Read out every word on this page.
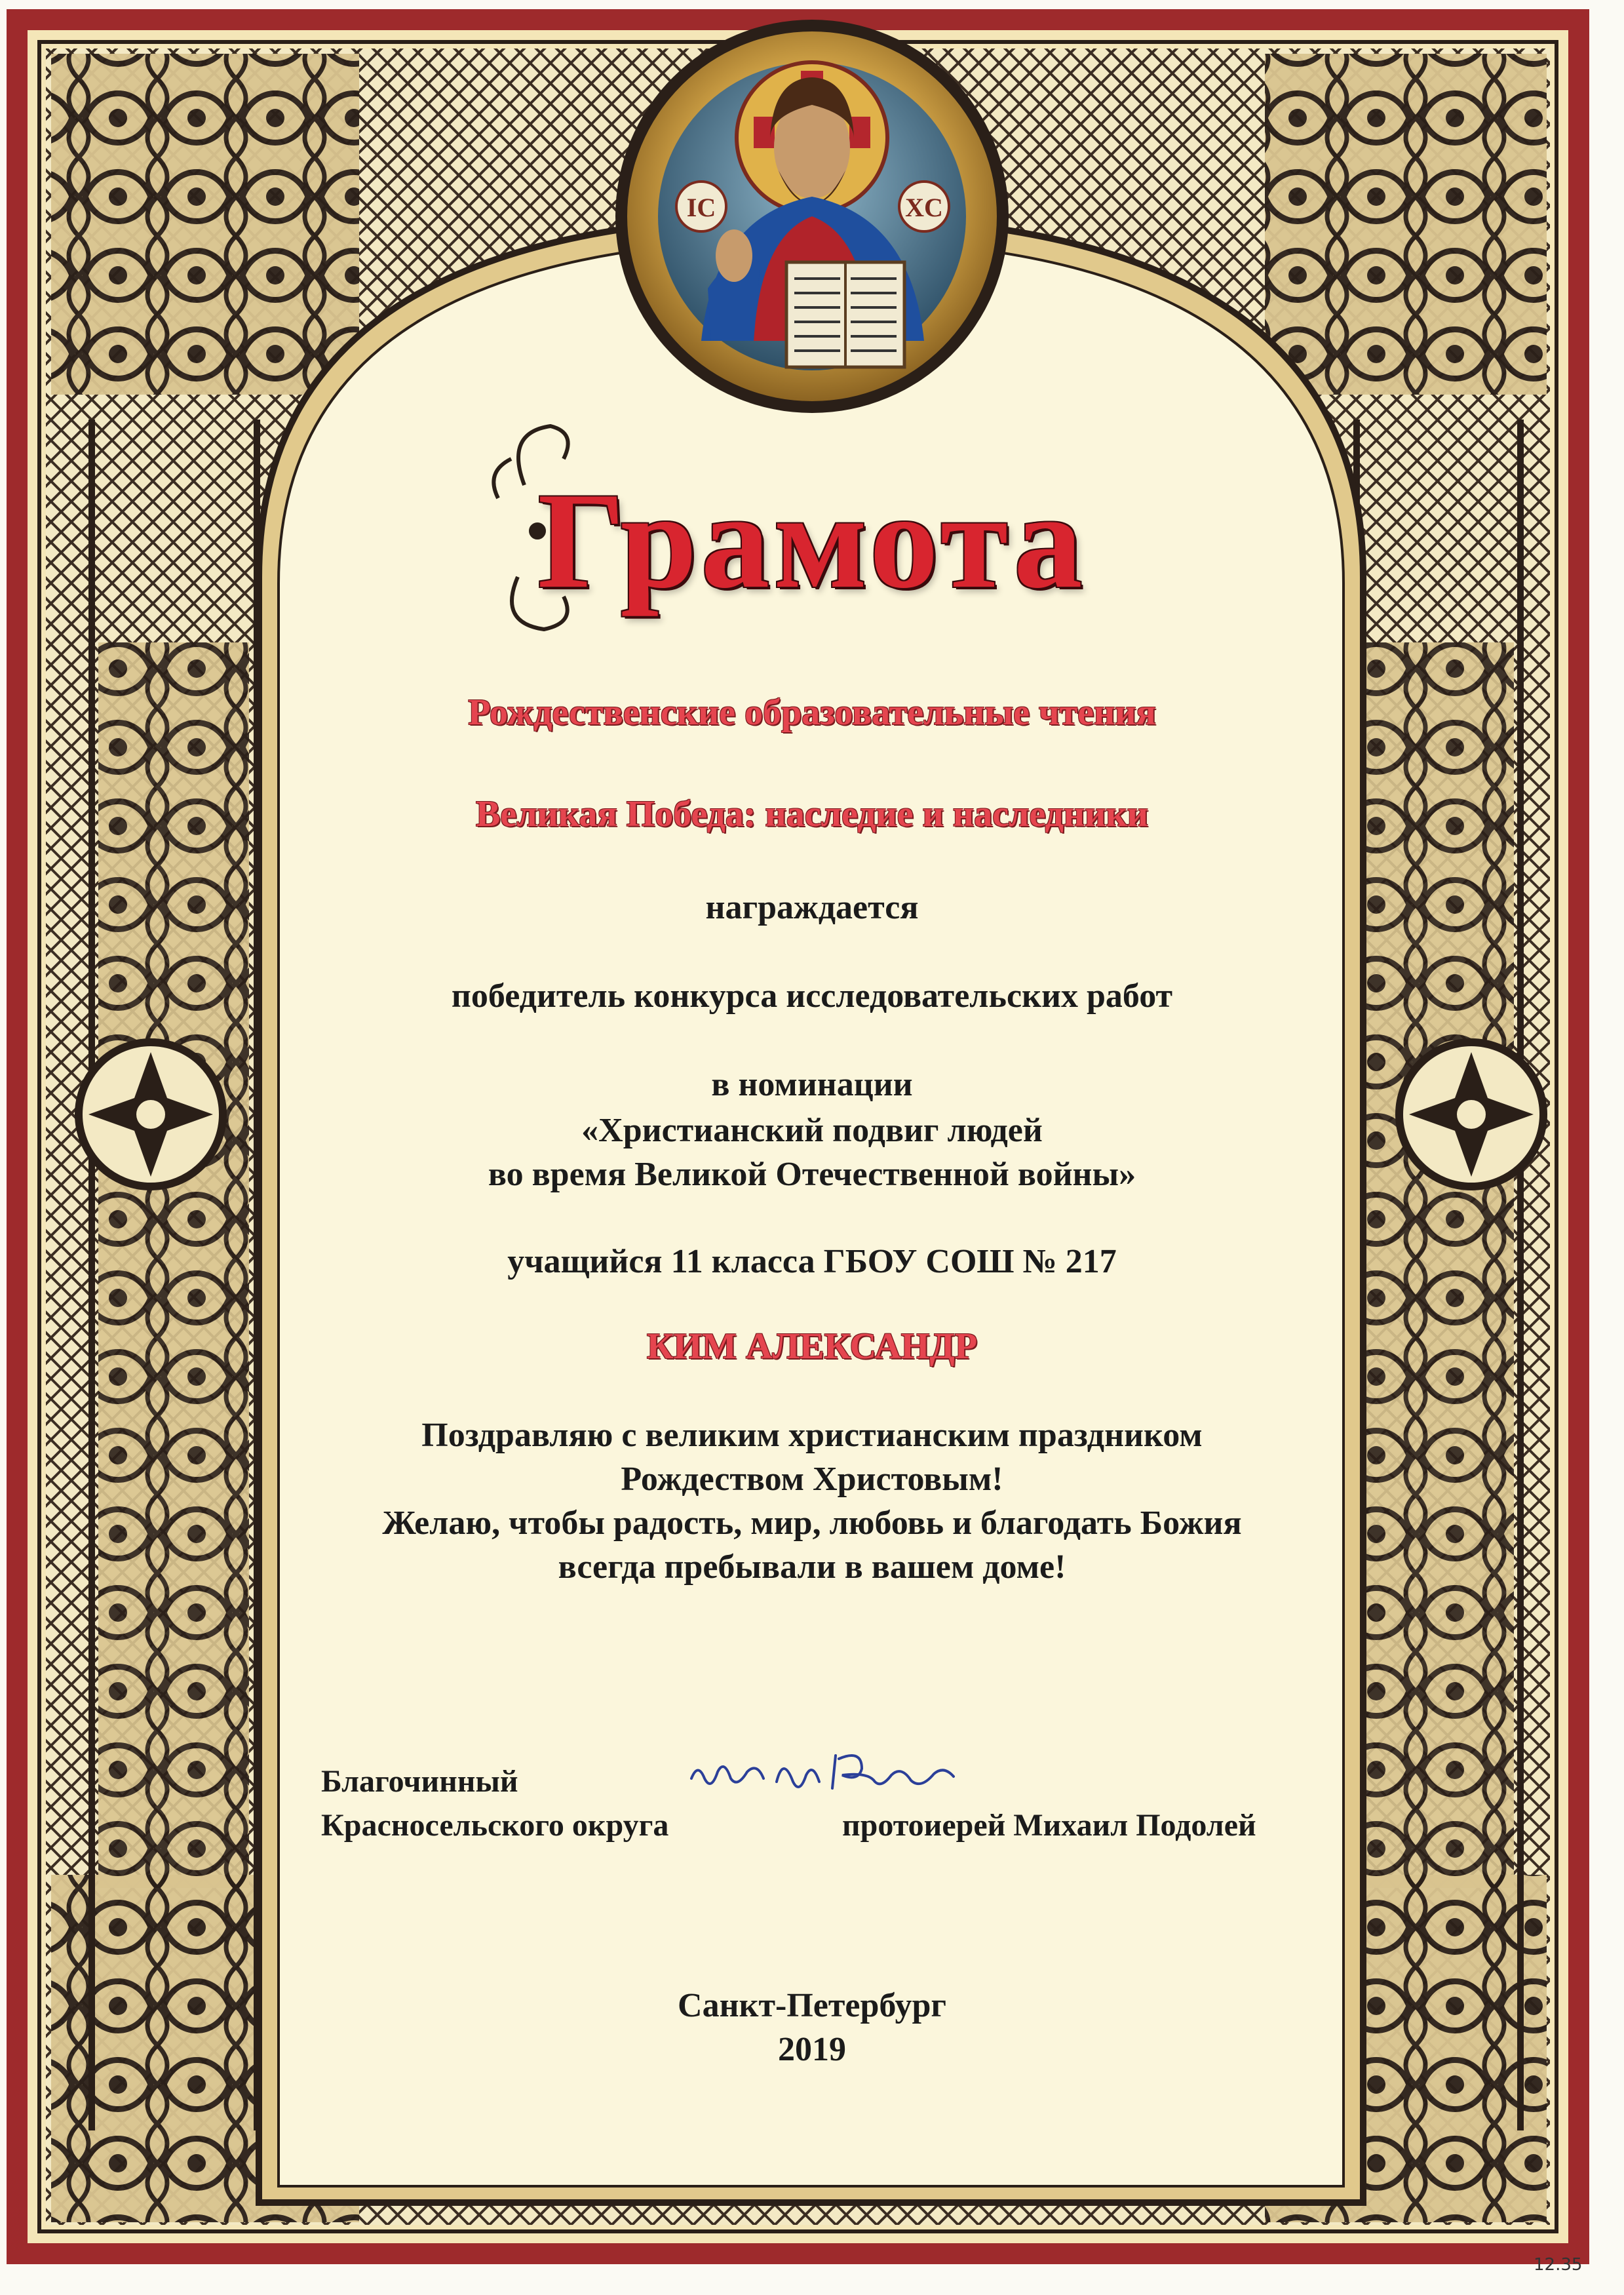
IC	XC
Грамота
Рождественские образовательные чтения
Великая Победа: наследие и наследники
награждается
победитель конкурса исследовательских работ
в номинации
«Христианский подвиг людей
во время Великой Отечественной войны»
учащийся 11 класса ГБОУ СОШ № 217
КИМ АЛЕКСАНДР
Поздравляю с великим христианским праздником
Рождеством Христовым!
Желаю, чтобы радость, мир, любовь и благодать Божия
всегда пребывали в вашем доме!
Благочинный
Красносельского округа	протоиерей Михаил Подолей
Санкт-Петербург
2019
12.35
